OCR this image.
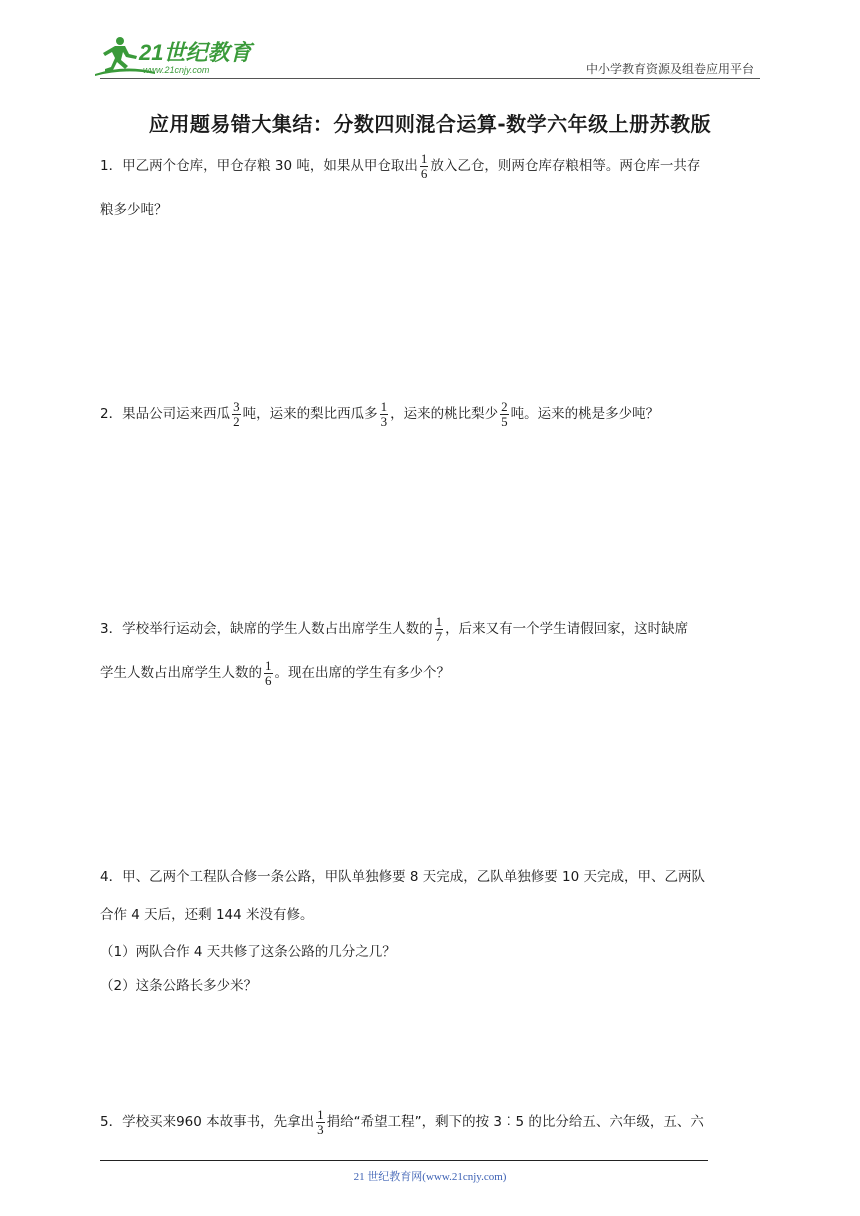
21世纪教育
www.21cnjy.com	中小学教育资源及组卷应用平台
应用题易错大集结：分数四则混合运算-数学六年级上册苏教版
1．甲乙两个仓库，甲仓存粮 30 吨，如果从甲仓取出 $\frac{1}{6}$ 放入乙仓，则两仓库存粮相等。两仓库一共存
粮多少吨？
2．果品公司运来西瓜 $\frac{3}{2}$ 吨，运来的梨比西瓜多 $\frac{1}{3}$ ，运来的桃比梨少 $\frac{2}{5}$ 吨。运来的桃是多少吨？
3．学校举行运动会，缺席的学生人数占出席学生人数的 $\frac{1}{7}$ ，后来又有一个学生请假回家，这时缺席
学生人数占出席学生人数的 $\frac{1}{6}$ 。现在出席的学生有多少个？
4．甲、乙两个工程队合修一条公路，甲队单独修要 8 天完成，乙队单独修要 10 天完成，甲、乙两队
合作 4 天后，还剩 144 米没有修。
（1）两队合作 4 天共修了这条公路的几分之几？
（2）这条公路长多少米？
5．学校买来960 本故事书，先拿出 $\frac{1}{3}$ 捐给“希望工程”，剩下的按 3︰5 的比分给五、六年级，五、六
21 世纪教育网(www.21cnjy.com)
